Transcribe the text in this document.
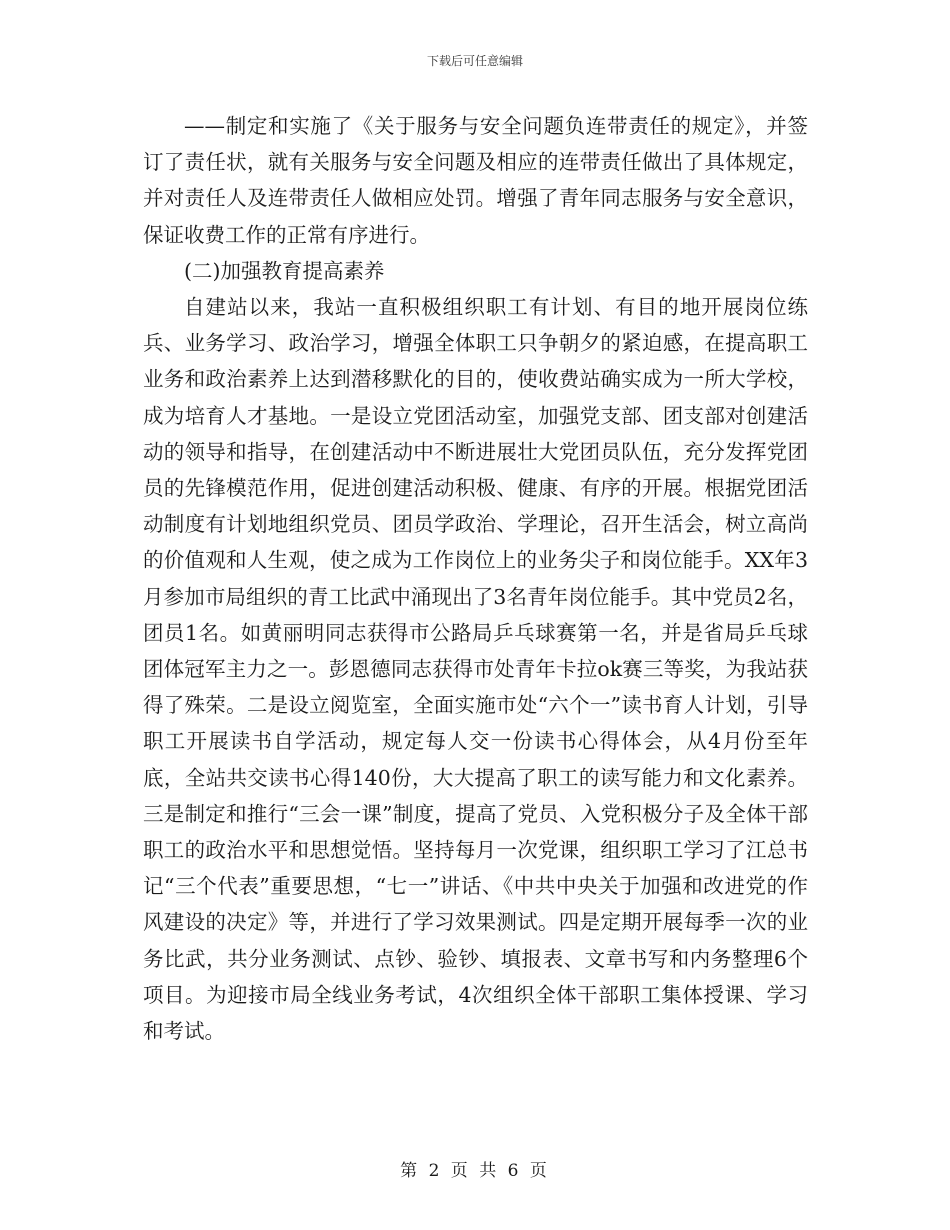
下载后可任意编辑

——制定和实施了《关于服务与安全问题负连带责任的规定》，并签订了责任状，就有关服务与安全问题及相应的连带责任做出了具体规定，并对责任人及连带责任人做相应处罚。增强了青年同志服务与安全意识，保证收费工作的正常有序进行。

(二)加强教育提高素养

自建站以来，我站一直积极组织职工有计划、有目的地开展岗位练兵、业务学习、政治学习，增强全体职工只争朝夕的紧迫感，在提高职工业务和政治素养上达到潜移默化的目的，使收费站确实成为一所大学校，成为培育人才基地。一是设立党团活动室，加强党支部、团支部对创建活动的领导和指导，在创建活动中不断进展壮大党团员队伍，充分发挥党团员的先锋模范作用，促进创建活动积极、健康、有序的开展。根据党团活动制度有计划地组织党员、团员学政治、学理论，召开生活会，树立高尚的价值观和人生观，使之成为工作岗位上的业务尖子和岗位能手。XX年3月参加市局组织的青工比武中涌现出了3名青年岗位能手。其中党员2名，团员1名。如黄丽明同志获得市公路局乒乓球赛第一名，并是省局乒乓球团体冠军主力之一。彭恩德同志获得市处青年卡拉ok赛三等奖，为我站获得了殊荣。二是设立阅览室，全面实施市处“六个一”读书育人计划，引导职工开展读书自学活动，规定每人交一份读书心得体会，从4月份至年底，全站共交读书心得140份，大大提高了职工的读写能力和文化素养。三是制定和推行“三会一课”制度，提高了党员、入党积极分子及全体干部职工的政治水平和思想觉悟。坚持每月一次党课，组织职工学习了江总书记“三个代表”重要思想，“七一”讲话、《中共中央关于加强和改进党的作风建设的决定》等，并进行了学习效果测试。四是定期开展每季一次的业务比武，共分业务测试、点钞、验钞、填报表、文章书写和内务整理6个项目。为迎接市局全线业务考试，4次组织全体干部职工集体授课、学习和考试。

第 2 页 共 6 页
